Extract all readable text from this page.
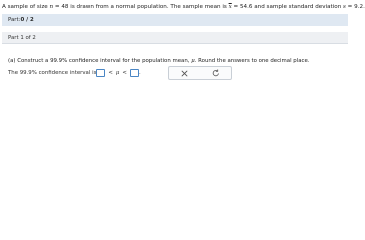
A sample of size n = 48 is drawn from a normal population. The sample mean is $\overline{x} = 54.6$ and sample standard deviation s = 9.2.
Part: 0 / 2
Part 1 of 2
(a) Construct a 99.9% confidence interval for the population mean, μ. Round the answers to one decimal place.
The 99.9% confidence interval is < μ < .
